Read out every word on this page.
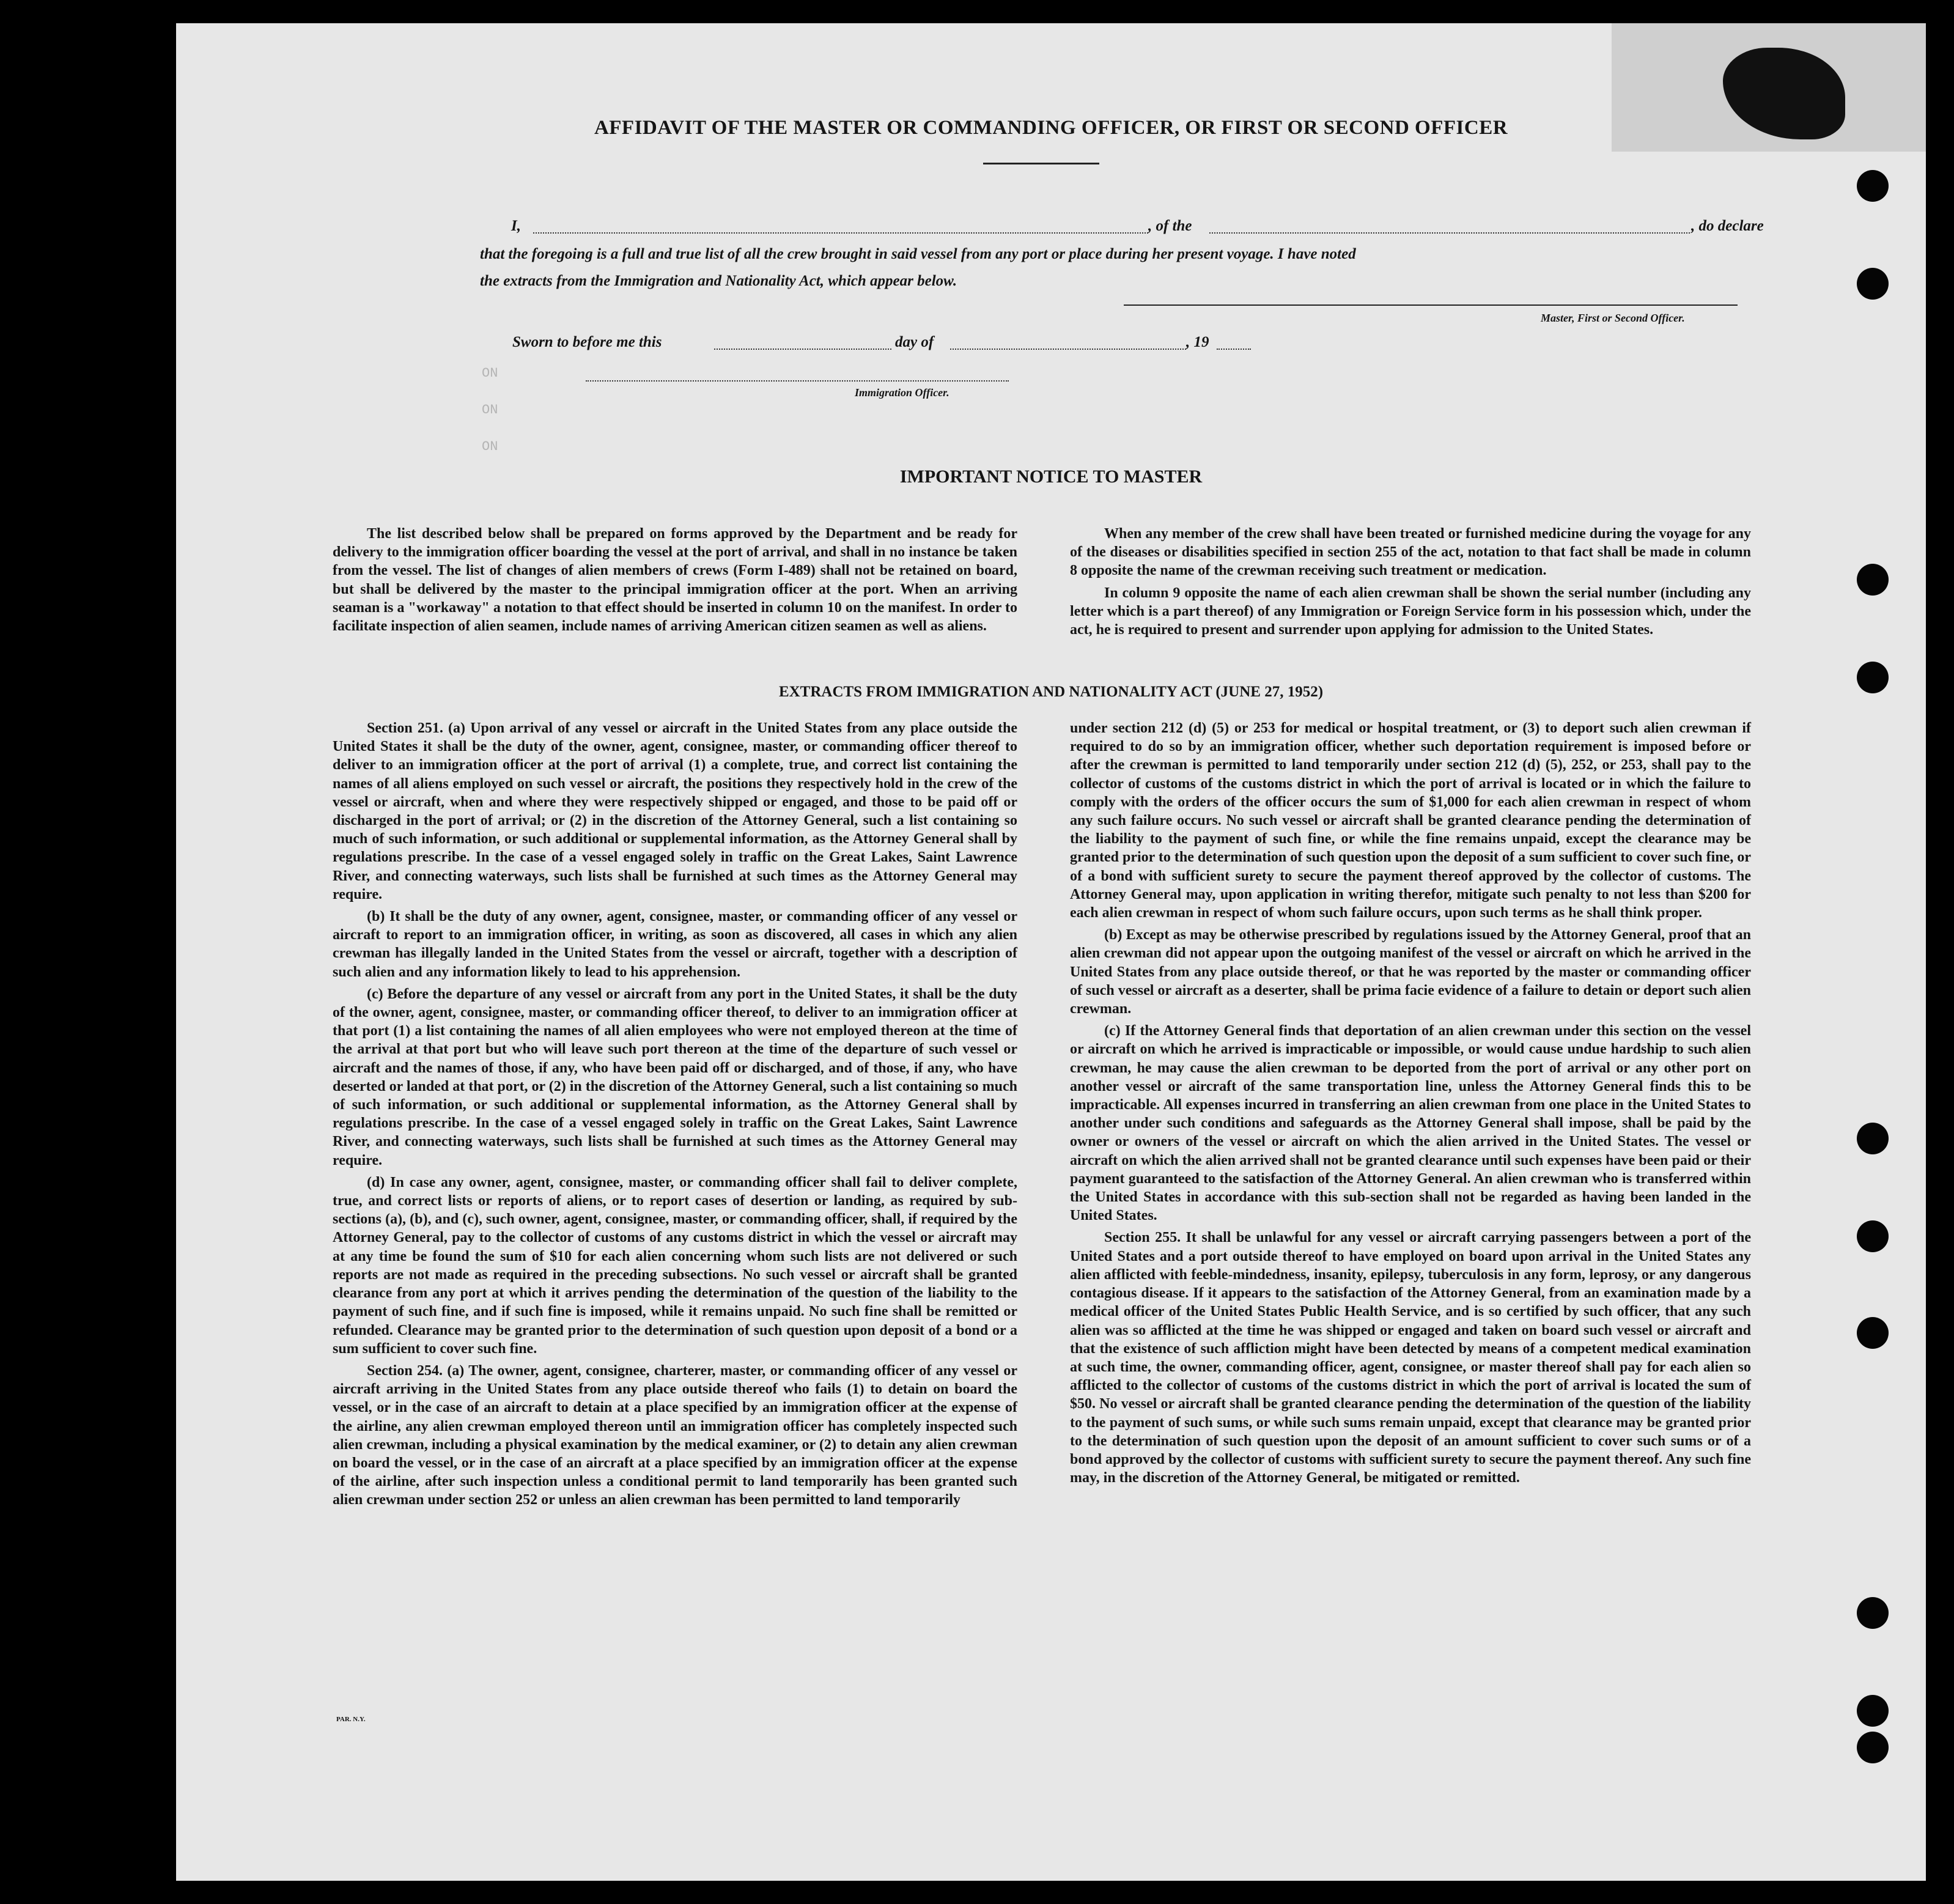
AFFIDAVIT OF THE MASTER OR COMMANDING OFFICER, OR FIRST OR SECOND OFFICER
I,	, of the	, do declare
that the foregoing is a full and true list of all the crew brought in said vessel from any port or place during her present voyage. I have noted
the extracts from the Immigration and Nationality Act, which appear below.
Master, First or Second Officer.
Sworn to before me this	day of	, 19
Immigration Officer.
ON
ON
ON
IMPORTANT NOTICE TO MASTER

The list described below shall be prepared on forms approved by the Department and be ready for delivery to the immigration officer boarding the vessel at the port of arrival, and shall in no instance be taken from the vessel. The list of changes of alien members of crews (Form I-489) shall not be retained on board, but shall be delivered by the master to the principal immigration officer at the port. When an arriving seaman is a "workaway" a notation to that effect should be inserted in column 10 on the manifest. In order to facilitate inspection of alien seamen, include names of arriving American citizen seamen as well as aliens.

When any member of the crew shall have been treated or furnished medicine during the voyage for any of the diseases or disabilities specified in section 255 of the act, notation to that fact shall be made in column 8 opposite the name of the crewman receiving such treatment or medication.

In column 9 opposite the name of each alien crewman shall be shown the serial number (including any letter which is a part thereof) of any Immigration or Foreign Service form in his possession which, under the act, he is required to present and surrender upon applying for admission to the United States.

EXTRACTS FROM IMMIGRATION AND NATIONALITY ACT (JUNE 27, 1952)

Section 251. (a) Upon arrival of any vessel or aircraft in the United States from any place outside the United States it shall be the duty of the owner, agent, consignee, master, or commanding officer thereof to deliver to an immigration officer at the port of arrival (1) a complete, true, and correct list containing the names of all aliens employed on such vessel or aircraft, the positions they respectively hold in the crew of the vessel or aircraft, when and where they were respectively shipped or engaged, and those to be paid off or discharged in the port of arrival; or (2) in the discretion of the Attorney General, such a list containing so much of such information, or such additional or supplemental information, as the Attorney General shall by regulations prescribe. In the case of a vessel engaged solely in traffic on the Great Lakes, Saint Lawrence River, and connecting waterways, such lists shall be furnished at such times as the Attorney General may require.

(b) It shall be the duty of any owner, agent, consignee, master, or commanding officer of any vessel or aircraft to report to an immigration officer, in writing, as soon as discovered, all cases in which any alien crewman has illegally landed in the United States from the vessel or aircraft, together with a description of such alien and any information likely to lead to his apprehension.

(c) Before the departure of any vessel or aircraft from any port in the United States, it shall be the duty of the owner, agent, consignee, master, or commanding officer thereof, to deliver to an immigration officer at that port (1) a list containing the names of all alien employees who were not employed thereon at the time of the arrival at that port but who will leave such port thereon at the time of the departure of such vessel or aircraft and the names of those, if any, who have been paid off or discharged, and of those, if any, who have deserted or landed at that port, or (2) in the discretion of the Attorney General, such a list containing so much of such information, or such additional or supplemental information, as the Attorney General shall by regulations prescribe. In the case of a vessel engaged solely in traffic on the Great Lakes, Saint Lawrence River, and connecting waterways, such lists shall be furnished at such times as the Attorney General may require.

(d) In case any owner, agent, consignee, master, or commanding officer shall fail to deliver complete, true, and correct lists or reports of aliens, or to report cases of desertion or landing, as required by sub-sections (a), (b), and (c), such owner, agent, consignee, master, or commanding officer, shall, if required by the Attorney General, pay to the collector of customs of any customs district in which the vessel or aircraft may at any time be found the sum of $10 for each alien concerning whom such lists are not delivered or such reports are not made as required in the preceding subsections. No such vessel or aircraft shall be granted clearance from any port at which it arrives pending the determination of the question of the liability to the payment of such fine, and if such fine is imposed, while it remains unpaid. No such fine shall be remitted or refunded. Clearance may be granted prior to the determination of such question upon deposit of a bond or a sum sufficient to cover such fine.

Section 254. (a) The owner, agent, consignee, charterer, master, or commanding officer of any vessel or aircraft arriving in the United States from any place outside thereof who fails (1) to detain on board the vessel, or in the case of an aircraft to detain at a place specified by an immigration officer at the expense of the airline, any alien crewman employed thereon until an immigration officer has completely inspected such alien crewman, including a physical examination by the medical examiner, or (2) to detain any alien crewman on board the vessel, or in the case of an aircraft at a place specified by an immigration officer at the expense of the airline, after such inspection unless a conditional permit to land temporarily has been granted such alien crewman under section 252 or unless an alien crewman has been permitted to land temporarily

under section 212 (d) (5) or 253 for medical or hospital treatment, or (3) to deport such alien crewman if required to do so by an immigration officer, whether such deportation requirement is imposed before or after the crewman is permitted to land temporarily under section 212 (d) (5), 252, or 253, shall pay to the collector of customs of the customs district in which the port of arrival is located or in which the failure to comply with the orders of the officer occurs the sum of $1,000 for each alien crewman in respect of whom any such failure occurs. No such vessel or aircraft shall be granted clearance pending the determination of the liability to the payment of such fine, or while the fine remains unpaid, except the clearance may be granted prior to the determination of such question upon the deposit of a sum sufficient to cover such fine, or of a bond with sufficient surety to secure the payment thereof approved by the collector of customs. The Attorney General may, upon application in writing therefor, mitigate such penalty to not less than $200 for each alien crewman in respect of whom such failure occurs, upon such terms as he shall think proper.

(b) Except as may be otherwise prescribed by regulations issued by the Attorney General, proof that an alien crewman did not appear upon the outgoing manifest of the vessel or aircraft on which he arrived in the United States from any place outside thereof, or that he was reported by the master or commanding officer of such vessel or aircraft as a deserter, shall be prima facie evidence of a failure to detain or deport such alien crewman.

(c) If the Attorney General finds that deportation of an alien crewman under this section on the vessel or aircraft on which he arrived is impracticable or impossible, or would cause undue hardship to such alien crewman, he may cause the alien crewman to be deported from the port of arrival or any other port on another vessel or aircraft of the same transportation line, unless the Attorney General finds this to be impracticable. All expenses incurred in transferring an alien crewman from one place in the United States to another under such conditions and safeguards as the Attorney General shall impose, shall be paid by the owner or owners of the vessel or aircraft on which the alien arrived in the United States. The vessel or aircraft on which the alien arrived shall not be granted clearance until such expenses have been paid or their payment guaranteed to the satisfaction of the Attorney General. An alien crewman who is transferred within the United States in accordance with this sub-section shall not be regarded as having been landed in the United States.

Section 255. It shall be unlawful for any vessel or aircraft carrying passengers between a port of the United States and a port outside thereof to have employed on board upon arrival in the United States any alien afflicted with feeble-mindedness, insanity, epilepsy, tuberculosis in any form, leprosy, or any dangerous contagious disease. If it appears to the satisfaction of the Attorney General, from an examination made by a medical officer of the United States Public Health Service, and is so certified by such officer, that any such alien was so afflicted at the time he was shipped or engaged and taken on board such vessel or aircraft and that the existence of such affliction might have been detected by means of a competent medical examination at such time, the owner, commanding officer, agent, consignee, or master thereof shall pay for each alien so afflicted to the collector of customs of the customs district in which the port of arrival is located the sum of $50. No vessel or aircraft shall be granted clearance pending the determination of the question of the liability to the payment of such sums, or while such sums remain unpaid, except that clearance may be granted prior to the determination of such question upon the deposit of an amount sufficient to cover such sums or of a bond approved by the collector of customs with sufficient surety to secure the payment thereof. Any such fine may, in the discretion of the Attorney General, be mitigated or remitted.

PAR. N.Y.
